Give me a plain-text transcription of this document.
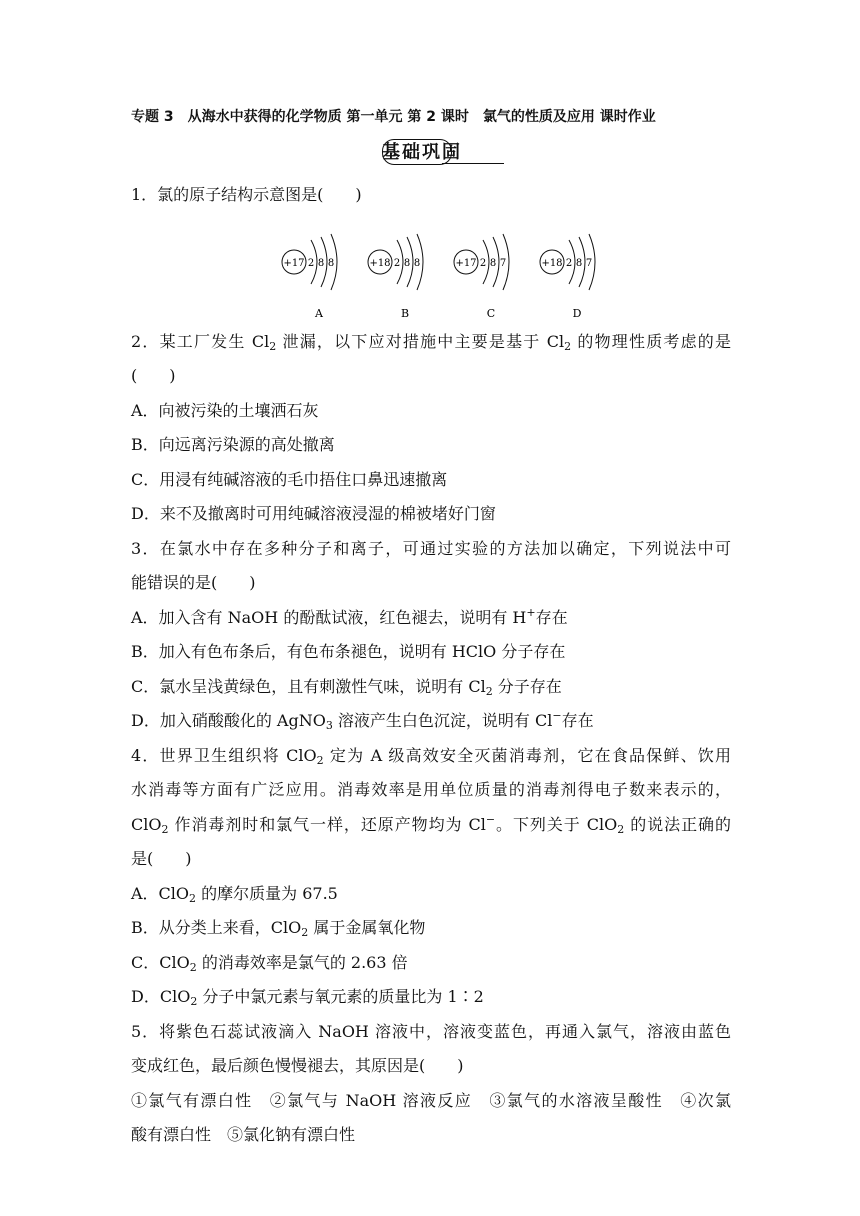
专题 3　从海水中获得的化学物质 第一单元 第 2 课时　氯气的性质及应用 课时作业
基础巩固
1．氯的原子结构示意图是(　　)
+17 2 8 8
A
+18 2 8 8
B
+17 2 8 7
C
+18 2 8 7
D
2．某工厂发生 $Cl_2$ 泄漏，以下应对措施中主要是基于 $Cl_2$ 的物理性质考虑的是
(　　)
A．向被污染的土壤洒石灰
B．向远离污染源的高处撤离
C．用浸有纯碱溶液的毛巾捂住口鼻迅速撤离
D．来不及撤离时可用纯碱溶液浸湿的棉被堵好门窗
3．在氯水中存在多种分子和离子，可通过实验的方法加以确定，下列说法中可
能错误的是(　　)
A．加入含有 NaOH 的酚酞试液，红色褪去，说明有 H+存在
B．加入有色布条后，有色布条褪色，说明有 HClO 分子存在
C．氯水呈浅黄绿色，且有刺激性气味，说明有 $Cl_2$ 分子存在
D．加入硝酸酸化的 AgNO$_3$ 溶液产生白色沉淀，说明有 Cl−存在
4．世界卫生组织将 ClO$_2$ 定为 A 级高效安全灭菌消毒剂，它在食品保鲜、饮用
水消毒等方面有广泛应用。消毒效率是用单位质量的消毒剂得电子数来表示的，
ClO$_2$ 作消毒剂时和氯气一样，还原产物均为 Cl−。下列关于 ClO$_2$ 的说法正确的
是(　　)
A．ClO$_2$ 的摩尔质量为 67.5
B．从分类上来看，ClO$_2$ 属于金属氧化物
C．ClO$_2$ 的消毒效率是氯气的 2.63 倍
D．ClO$_2$ 分子中氯元素与氧元素的质量比为 1∶2
5．将紫色石蕊试液滴入 NaOH 溶液中，溶液变蓝色，再通入氯气，溶液由蓝色
变成红色，最后颜色慢慢褪去，其原因是(　　)
①氯气有漂白性　②氯气与 NaOH 溶液反应　③氯气的水溶液呈酸性　④次氯
酸有漂白性　⑤氯化钠有漂白性
